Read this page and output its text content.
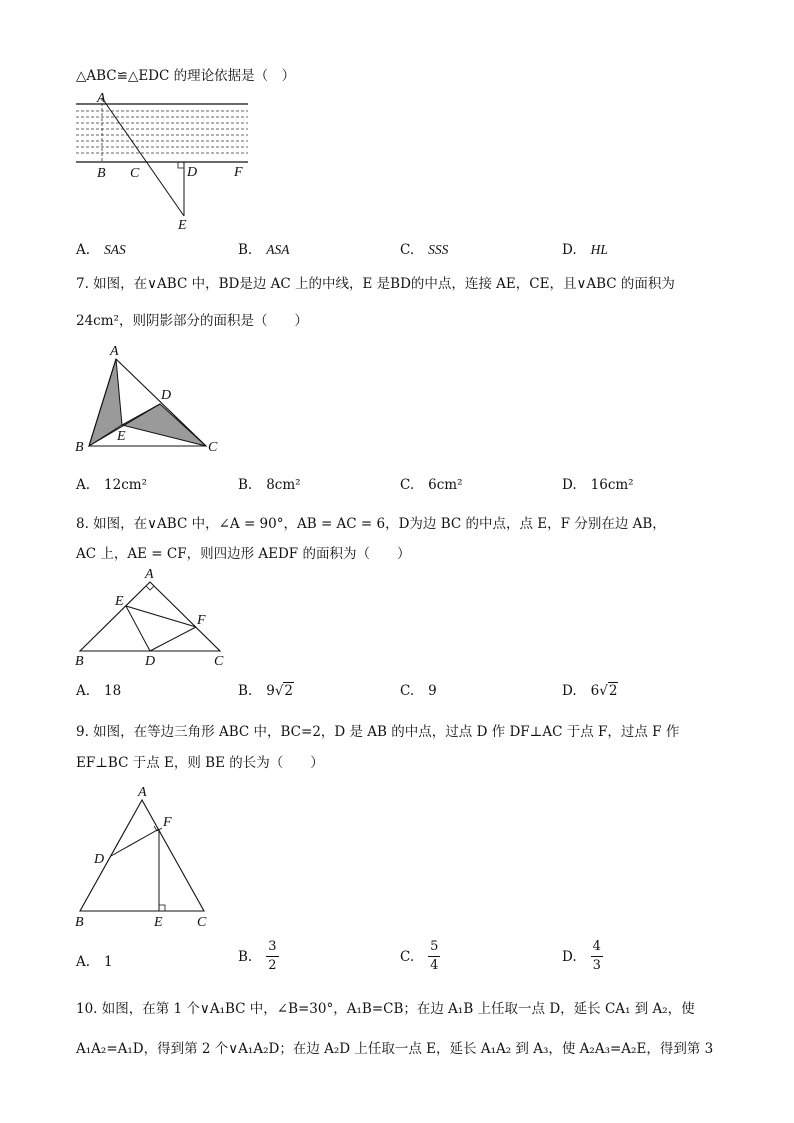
△ABC≌△EDC 的理论依据是（　）
A
B C	D	F
E
A. SAS	B. ASA	C. SSS	D. HL
7. 如图，在∨ABC 中，BD是边 AC 上的中线，E 是BD的中点，连接 AE，CE，且∨ABC 的面积为
24cm²，则阴影部分的面积是（　　）
A
D
E
B	C
A. 12cm²	B. 8cm²	C. 6cm²	D. 16cm²
8. 如图，在∨ABC 中，∠A = 90°，AB = AC = 6，D为边 BC 的中点，点 E，F 分别在边 AB，
AC 上，AE = CF，则四边形 AEDF 的面积为（　　）
A
E
F
B	D	C
A. 18	B. 9√2	C. 9	D. 6√2
9. 如图，在等边三角形 ABC 中，BC=2，D 是 AB 的中点，过点 D 作 DF⊥AC 于点 F，过点 F 作
EF⊥BC 于点 E，则 BE 的长为（　　）
A
F
D
B	E C
A. 1	B. $\frac{3}{2}$	C. $\frac{5}{4}$	D. $\frac{4}{3}$
10. 如图，在第 1 个∨A₁BC 中，∠B=30°，A₁B=CB；在边 A₁B 上任取一点 D，延长 CA₁ 到 A₂，使
A₁A₂=A₁D，得到第 2 个∨A₁A₂D；在边 A₂D 上任取一点 E，延长 A₁A₂ 到 A₃，使 A₂A₃=A₂E，得到第 3
